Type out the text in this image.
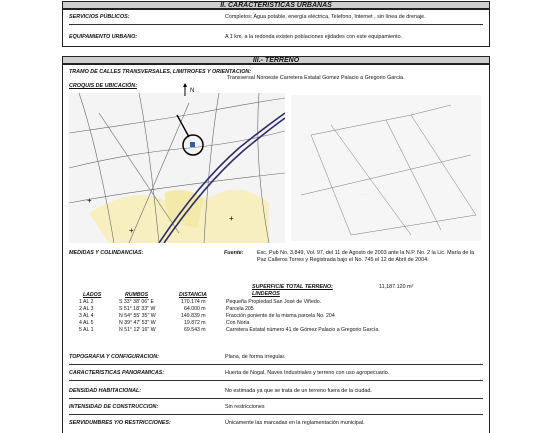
II. CARACTERISTICAS URBANAS
SERVICIOS PÚBLICOS:	Completos: Agua potable, energía eléctrica, Telefono, Internet , sin línea de drenaje.
EQUIPAMIENTO URBANO:	A 1 km. a la redonda existen poblaciones ejidades con este equipamiento.
III.- TERRENO
TRAMO DE CALLES TRANSVERSALES, LIMITROFES Y ORIENTACION:
Transversal Noroeste Carretera Estatal Gomez Palacio a Gregorio Garcia.
CROQUIS DE UBICACIÓN:
+
+
+
N
· · · · ·
· · · ·
MEDIDAS Y COLINDANCIAS:	Fuente:	Esc. Pub No. 3,849, Vol. 97, del 11 de Agosto de 2003 ante la N.P. No. 2 la Lic. María de la Paz Calleros Torres y Registrada bajo el No. 745 el 12 de Abril de 2004.
SUPERFICIE TOTAL TERRENO:	11,187.120 m²
LINDEROS
LADOS	RUMBOS	DISTANCIA
1 AL 2	S 33° 38' 06" E	170.174 m	Pequeña Propiedad San José de Viñedo.
2 AL 3	S 51° 18' 33" W	64.000 m	Parcela 205
3 AL 4	N 54° 55' 35" W	149.839 m	Fracción poniente de la misma parcela No. 204
4 AL 5	N 39° 47' 53" W	19.872 m	Con Noria
5 AL 1	N 51° 12' 16" W	69.543 m	Carretera Estatal número 41 de Gómez Palacio a Gregorio García.
TOPOGRAFIA Y CONFIGURACION:	Plana, de forma irregular.
CARACTERISTICAS PANORAMICAS:	Huerta de Nogal, Naves Industriales y terreno con uso agropecuario.
DENSIDAD HABITACIONAL:	No estimada ya que se trata de un terreno fuera de la ciudad.
INTENSIDAD DE CONSTRUCCION:	Sin restricciones
SERVIDUMBRES Y/O RESTRICCIONES:	Únicamente las marcadas en la reglamentación municipal.
